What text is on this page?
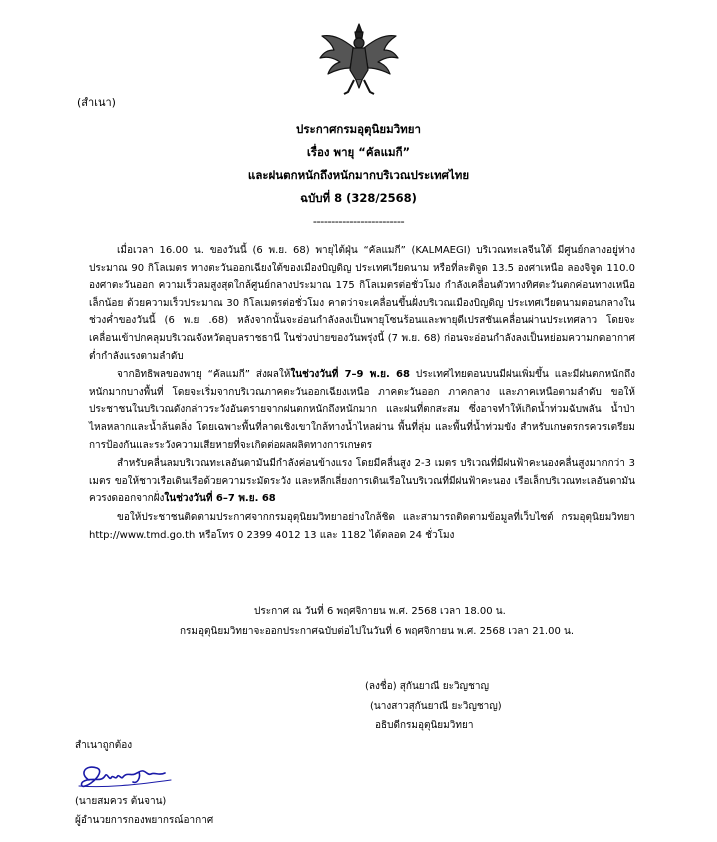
(สำเนา)
ประกาศกรมอุตุนิยมวิทยา
เรื่อง พายุ “คัลแมกี”
และฝนตกหนักถึงหนักมากบริเวณประเทศไทย
ฉบับที่ 8 (328/2568)
-------------------------

เมื่อเวลา 16.00 น. ของวันนี้ (6 พ.ย. 68) พายุไต้ฝุ่น “คัลแมกี” (KALMAEGI) บริเวณทะเลจีนใต้ มีศูนย์กลางอยู่ห่างประมาณ 90 กิโลเมตร ทางตะวันออกเฉียงใต้ของเมืองบิญดิญ ประเทศเวียดนาม หรือที่ละติจูด 13.5 องศาเหนือ ลองจิจูด 110.0 องศาตะวันออก ความเร็วลมสูงสุดใกล้ศูนย์กลางประมาณ 175 กิโลเมตรต่อชั่วโมง กำลังเคลื่อนตัวทางทิศตะวันตกค่อนทางเหนือเล็กน้อย ด้วยความเร็วประมาณ 30 กิโลเมตรต่อชั่วโมง คาดว่าจะเคลื่อนขึ้นฝั่งบริเวณเมืองบิญดิญ ประเทศเวียดนามตอนกลางในช่วงค่ำของวันนี้ (6 พ.ย .68) หลังจากนั้นจะอ่อนกำลังลงเป็นพายุโซนร้อนและพายุดีเปรสชันเคลื่อนผ่านประเทศลาว โดยจะเคลื่อนเข้าปกคลุมบริเวณจังหวัดอุบลราชธานี ในช่วงบ่ายของวันพรุ่งนี้ (7 พ.ย. 68) ก่อนจะอ่อนกำลังลงเป็นหย่อมความกดอากาศต่ำกำลังแรงตามลำดับ

จากอิทธิพลของพายุ “คัลแมกี” ส่งผลให้ในช่วงวันที่ 7–9 พ.ย. 68 ประเทศไทยตอนบนมีฝนเพิ่มขึ้น และมีฝนตกหนักถึงหนักมากบางพื้นที่ โดยจะเริ่มจากบริเวณภาคตะวันออกเฉียงเหนือ ภาคตะวันออก ภาคกลาง และภาคเหนือตามลำดับ ขอให้ประชาชนในบริเวณดังกล่าวระวังอันตรายจากฝนตกหนักถึงหนักมาก และฝนที่ตกสะสม ซึ่งอาจทำให้เกิดน้ำท่วมฉับพลัน น้ำป่าไหลหลากและน้ำล้นตลิ่ง โดยเฉพาะพื้นที่ลาดเชิงเขาใกล้ทางน้ำไหลผ่าน พื้นที่ลุ่ม และพื้นที่น้ำท่วมขัง สำหรับเกษตรกรควรเตรียมการป้องกันและระวังความเสียหายที่จะเกิดต่อผลผลิตทางการเกษตร

สำหรับคลื่นลมบริเวณทะเลอันดามันมีกำลังค่อนข้างแรง โดยมีคลื่นสูง 2-3 เมตร บริเวณที่มีฝนฟ้าคะนองคลื่นสูงมากกว่า 3 เมตร ขอให้ชาวเรือเดินเรือด้วยความระมัดระวัง และหลีกเลี่ยงการเดินเรือในบริเวณที่มีฝนฟ้าคะนอง เรือเล็กบริเวณทะเลอันดามันควรงดออกจากฝั่งในช่วงวันที่ 6–7 พ.ย. 68

ขอให้ประชาชนติดตามประกาศจากกรมอุตุนิยมวิทยาอย่างใกล้ชิด และสามารถติดตามข้อมูลที่เว็บไซต์ กรมอุตุนิยมวิทยา http://www.tmd.go.th หรือโทร 0 2399 4012 13 และ 1182 ได้ตลอด 24 ชั่วโมง

ประกาศ ณ วันที่ 6 พฤศจิกายน พ.ศ. 2568 เวลา 18.00 น.
กรมอุตุนิยมวิทยาจะออกประกาศฉบับต่อไปในวันที่ 6 พฤศจิกายน พ.ศ. 2568 เวลา 21.00 น.
(ลงชื่อ) สุกันยาณี ยะวิญชาญ
(นางสาวสุกันยาณี ยะวิญชาญ)
อธิบดีกรมอุตุนิยมวิทยา
สำเนาถูกต้อง
(นายสมควร ต้นจาน)
ผู้อำนวยการกองพยากรณ์อากาศ
